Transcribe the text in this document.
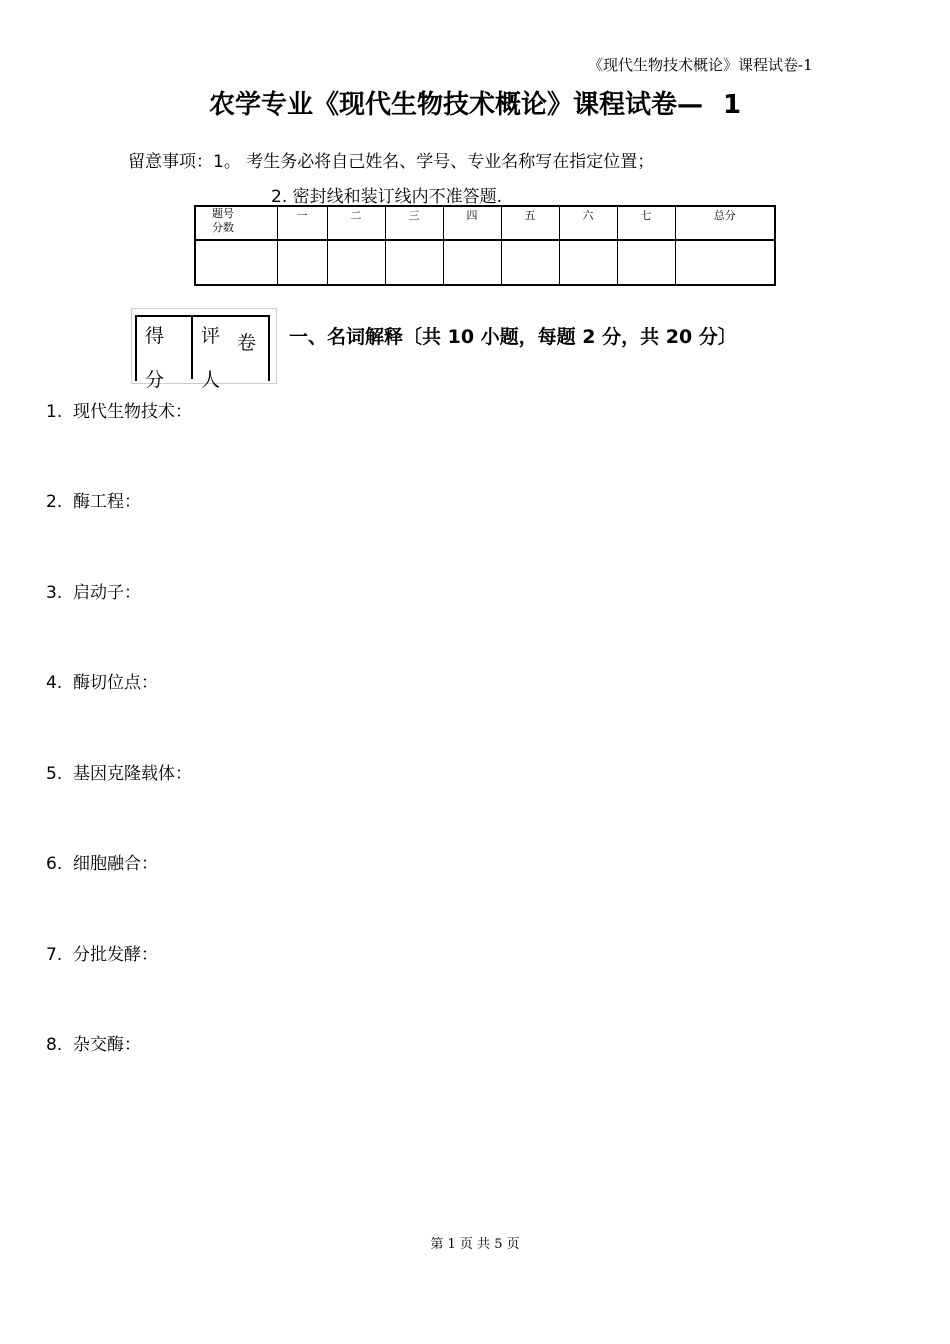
《现代生物技术概论》课程试卷-1
农学专业《现代生物技术概论》课程试卷— 1
留意事项：1。 考生务必将自己姓名、学号、专业名称写在指定位置；
2. 密封线和装订线内不准答题.
题号
分数	一	二	三	四	五	六	七	总分

得
分
评 卷
人
一、名词解释〔共 10 小题，每题 2 分，共 20 分〕
1. 现代生物技术：
2. 酶工程：
3. 启动子：
4. 酶切位点：
5. 基因克隆载体：
6. 细胞融合：
7. 分批发酵：
8. 杂交酶：
第 1 页 共 5 页
